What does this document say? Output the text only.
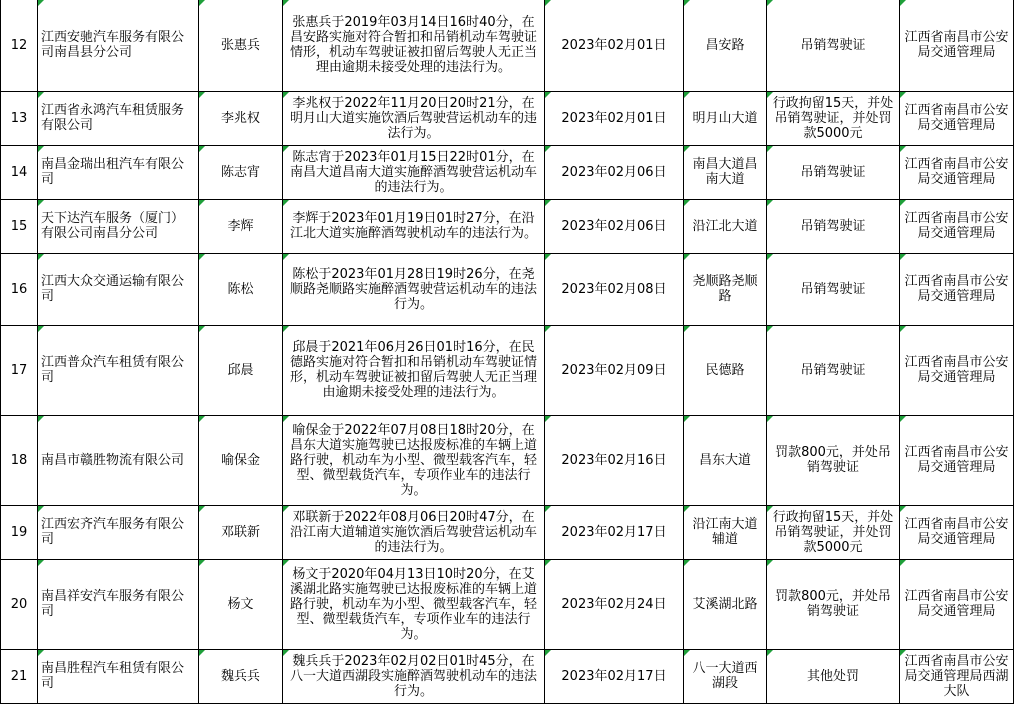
12	江西安驰汽车服务有限公司南昌县分公司	张惠兵	张惠兵于2019年03月14日16时40分，在昌安路实施对符合暂扣和吊销机动车驾驶证情形，机动车驾驶证被扣留后驾驶人无正当理由逾期未接受处理的违法行为。	2023年02月01日	昌安路	吊销驾驶证	江西省南昌市公安局交通管理局
13	江西省永鸿汽车租赁服务有限公司	李兆权	李兆权于2022年11月20日20时21分，在明月山大道实施饮酒后驾驶营运机动车的违法行为。	2023年02月01日	明月山大道	行政拘留15天，并处吊销驾驶证，并处罚款5000元	江西省南昌市公安局交通管理局
14	南昌金瑞出租汽车有限公司	陈志宵	陈志宵于2023年01月15日22时01分，在南昌大道昌南大道实施醉酒驾驶营运机动车的违法行为。	2023年02月06日	南昌大道昌南大道	吊销驾驶证	江西省南昌市公安局交通管理局
15	天下达汽车服务（厦门）有限公司南昌分公司	李辉	李辉于2023年01月19日01时27分，在沿江北大道实施醉酒驾驶机动车的违法行为。	2023年02月06日	沿江北大道	吊销驾驶证	江西省南昌市公安局交通管理局
16	江西大众交通运输有限公司	陈松	陈松于2023年01月28日19时26分，在尧顺路尧顺路实施醉酒驾驶营运机动车的违法行为。	2023年02月08日	尧顺路尧顺路	吊销驾驶证	江西省南昌市公安局交通管理局
17	江西普众汽车租赁有限公司	邱晨	邱晨于2021年06月26日01时16分，在民德路实施对符合暂扣和吊销机动车驾驶证情形，机动车驾驶证被扣留后驾驶人无正当理由逾期未接受处理的违法行为。	2023年02月09日	民德路	吊销驾驶证	江西省南昌市公安局交通管理局
18	南昌市赣胜物流有限公司	喻保金	喻保金于2022年07月08日18时20分，在昌东大道实施驾驶已达报废标准的车辆上道路行驶，机动车为小型、微型载客汽车，轻型、微型载货汽车，专项作业车的违法行为。	2023年02月16日	昌东大道	罚款800元，并处吊销驾驶证	江西省南昌市公安局交通管理局
19	江西宏齐汽车服务有限公司	邓联新	邓联新于2022年08月06日20时47分，在沿江南大道辅道实施饮酒后驾驶营运机动车的违法行为。	2023年02月17日	沿江南大道辅道	行政拘留15天，并处吊销驾驶证，并处罚款5000元	江西省南昌市公安局交通管理局
20	南昌祥安汽车服务有限公司	杨文	杨文于2020年04月13日10时20分，在艾溪湖北路实施驾驶已达报废标准的车辆上道路行驶，机动车为小型、微型载客汽车，轻型、微型载货汽车，专项作业车的违法行为。	2023年02月24日	艾溪湖北路	罚款800元，并处吊销驾驶证	江西省南昌市公安局交通管理局
21	南昌胜程汽车租赁有限公司	魏兵兵	魏兵兵于2023年02月02日01时45分，在八一大道西湖段实施醉酒驾驶机动车的违法行为。	2023年02月17日	八一大道西湖段	其他处罚	江西省南昌市公安局交通管理局西湖大队
